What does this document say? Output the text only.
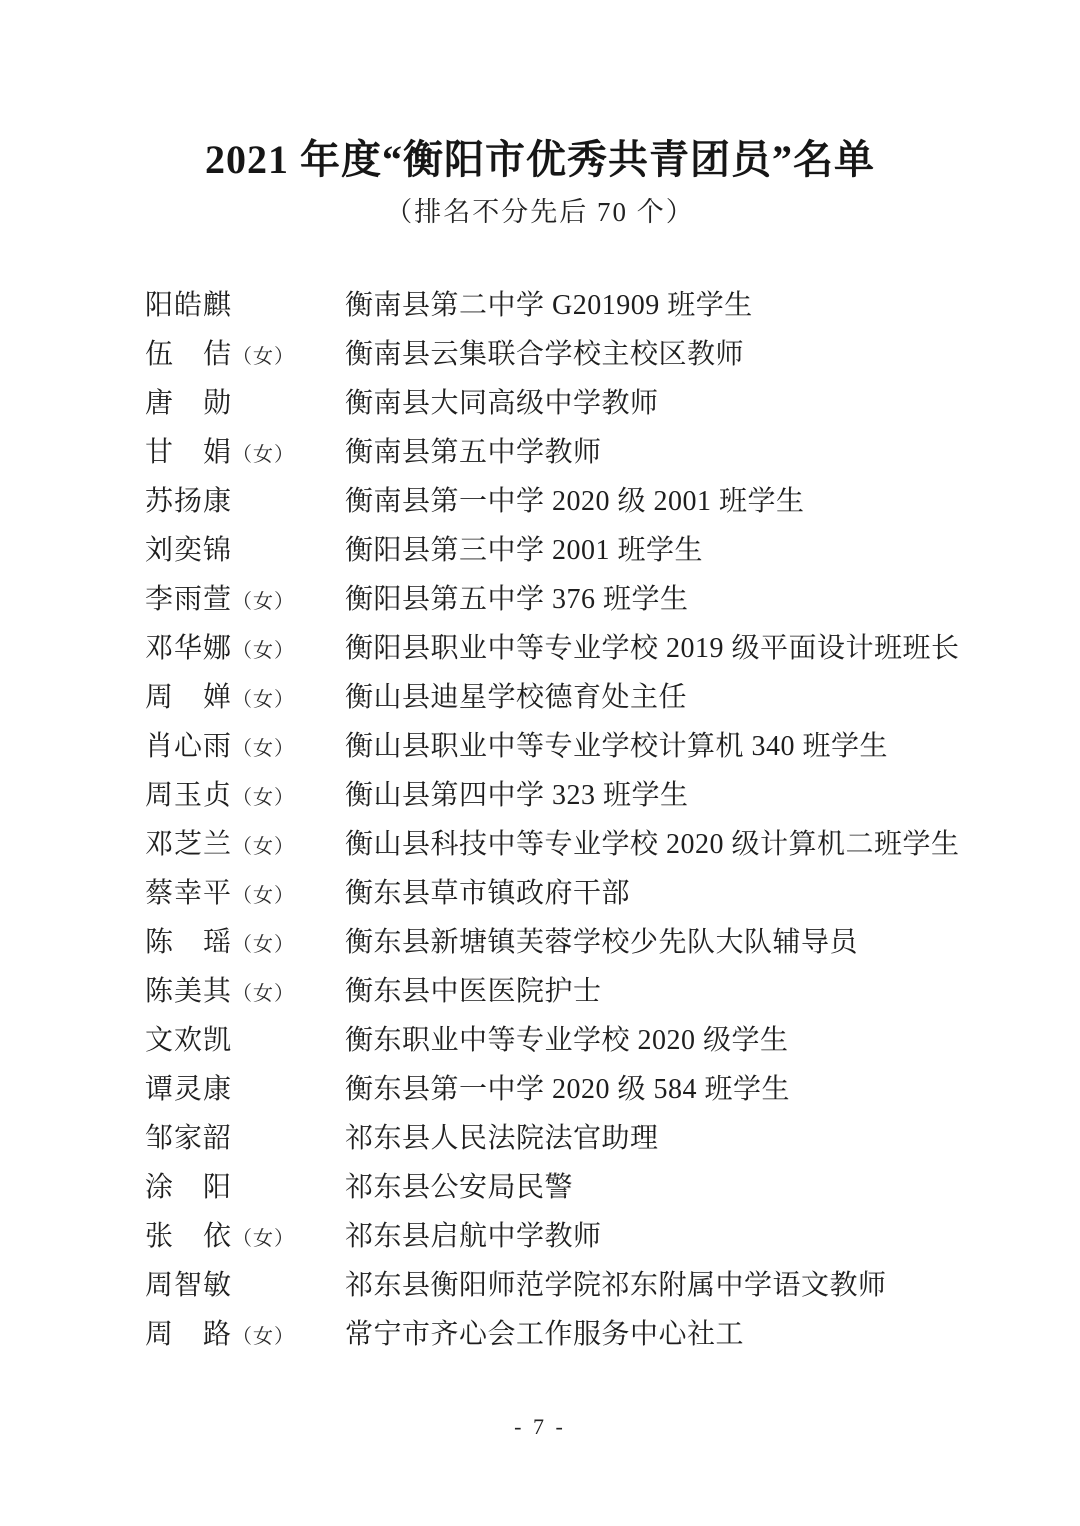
2021 年度“衡阳市优秀共青团员”名单
（排名不分先后 70 个）
阳皓麒	衡南县第二中学 G201909 班学生
伍　佶 （女） 衡南县云集联合学校主校区教师
唐　勋	衡南县大同高级中学教师
甘　娟 （女） 衡南县第五中学教师
苏扬康	衡南县第一中学 2020 级 2001 班学生
刘奕锦	衡阳县第三中学 2001 班学生
李雨萱 （女） 衡阳县第五中学 376 班学生
邓华娜 （女） 衡阳县职业中等专业学校 2019 级平面设计班班长
周　婵 （女） 衡山县迪星学校德育处主任
肖心雨 （女） 衡山县职业中等专业学校计算机 340 班学生
周玉贞 （女） 衡山县第四中学 323 班学生
邓芝兰 （女） 衡山县科技中等专业学校 2020 级计算机二班学生
蔡幸平 （女） 衡东县草市镇政府干部
陈　瑶 （女） 衡东县新塘镇芙蓉学校少先队大队辅导员
陈美其 （女） 衡东县中医医院护士
文欢凯	衡东职业中等专业学校 2020 级学生
谭灵康	衡东县第一中学 2020 级 584 班学生
邹家韶	祁东县人民法院法官助理
涂　阳	祁东县公安局民警
张　依 （女） 祁东县启航中学教师
周智敏	祁东县衡阳师范学院祁东附属中学语文教师
周　路 （女） 常宁市齐心会工作服务中心社工
- 7 -
